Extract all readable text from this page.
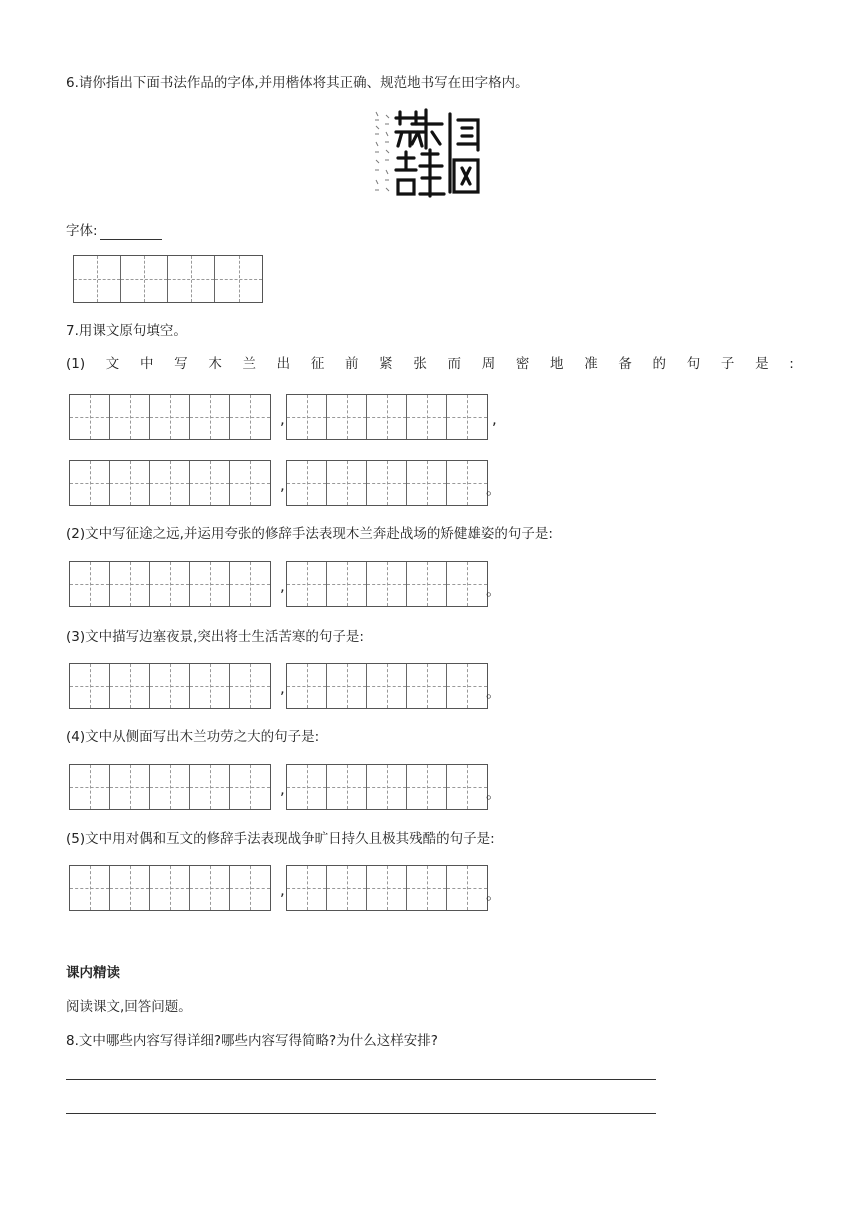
6.请你指出下面书法作品的字体,并用楷体将其正确、规范地书写在田字格内。
字体:
7.用课文原句填空。
(1) 文 中 写 木 兰 出 征 前 紧 张 而 周 密 地 准 备 的 句 子 是 :
,	,
,	。
(2)文中写征途之远,并运用夸张的修辞手法表现木兰奔赴战场的矫健雄姿的句子是:
,	。
(3)文中描写边塞夜景,突出将士生活苦寒的句子是:
,	。
(4)文中从侧面写出木兰功劳之大的句子是:
,	。
(5)文中用对偶和互文的修辞手法表现战争旷日持久且极其残酷的句子是:
,	。
课内精读
阅读课文,回答问题。
8.文中哪些内容写得详细?哪些内容写得简略?为什么这样安排?
